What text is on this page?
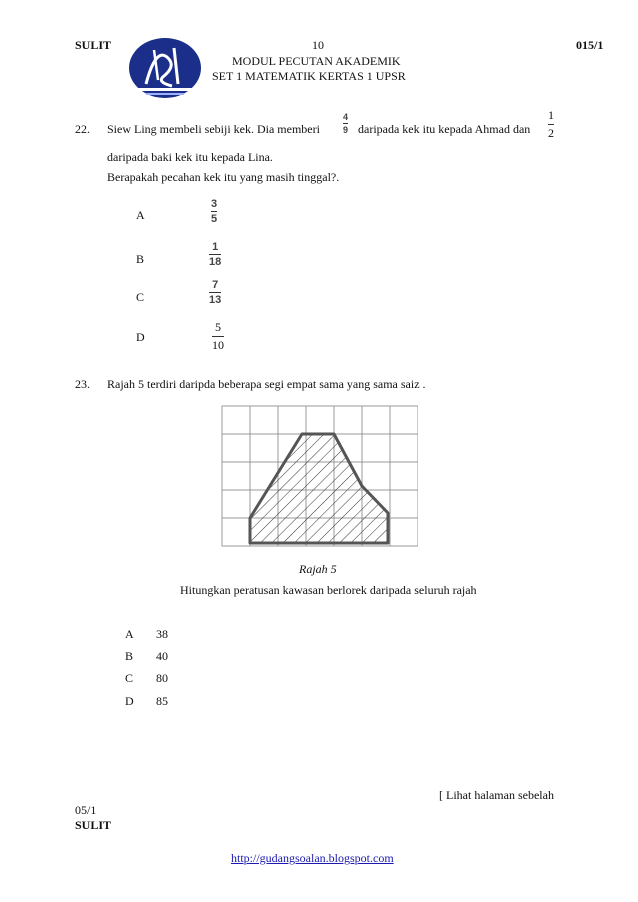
SULIT	10	015/1
MODUL PECUTAN AKADEMIK
SET 1 MATEMATIK KERTAS 1 UPSR
22. Siew Ling membeli sebiji kek. Dia memberi
4
9 daripada kek itu kepada Ahmad dan
1
2
daripada baki kek itu kepada Lina.
Berapakah pecahan kek itu yang masih tinggal?.
A
3
5
B
1
18
C
7
13
D
5
10
23. Rajah 5 terdiri daripda beberapa segi empat sama yang sama saiz .
Rajah 5
Hitungkan peratusan kawasan berlorek daripada seluruh rajah
A 38
B 40
C 80
D 85
[ Lihat halaman sebelah
05/1
SULIT
http://gudangsoalan.blogspot.com
